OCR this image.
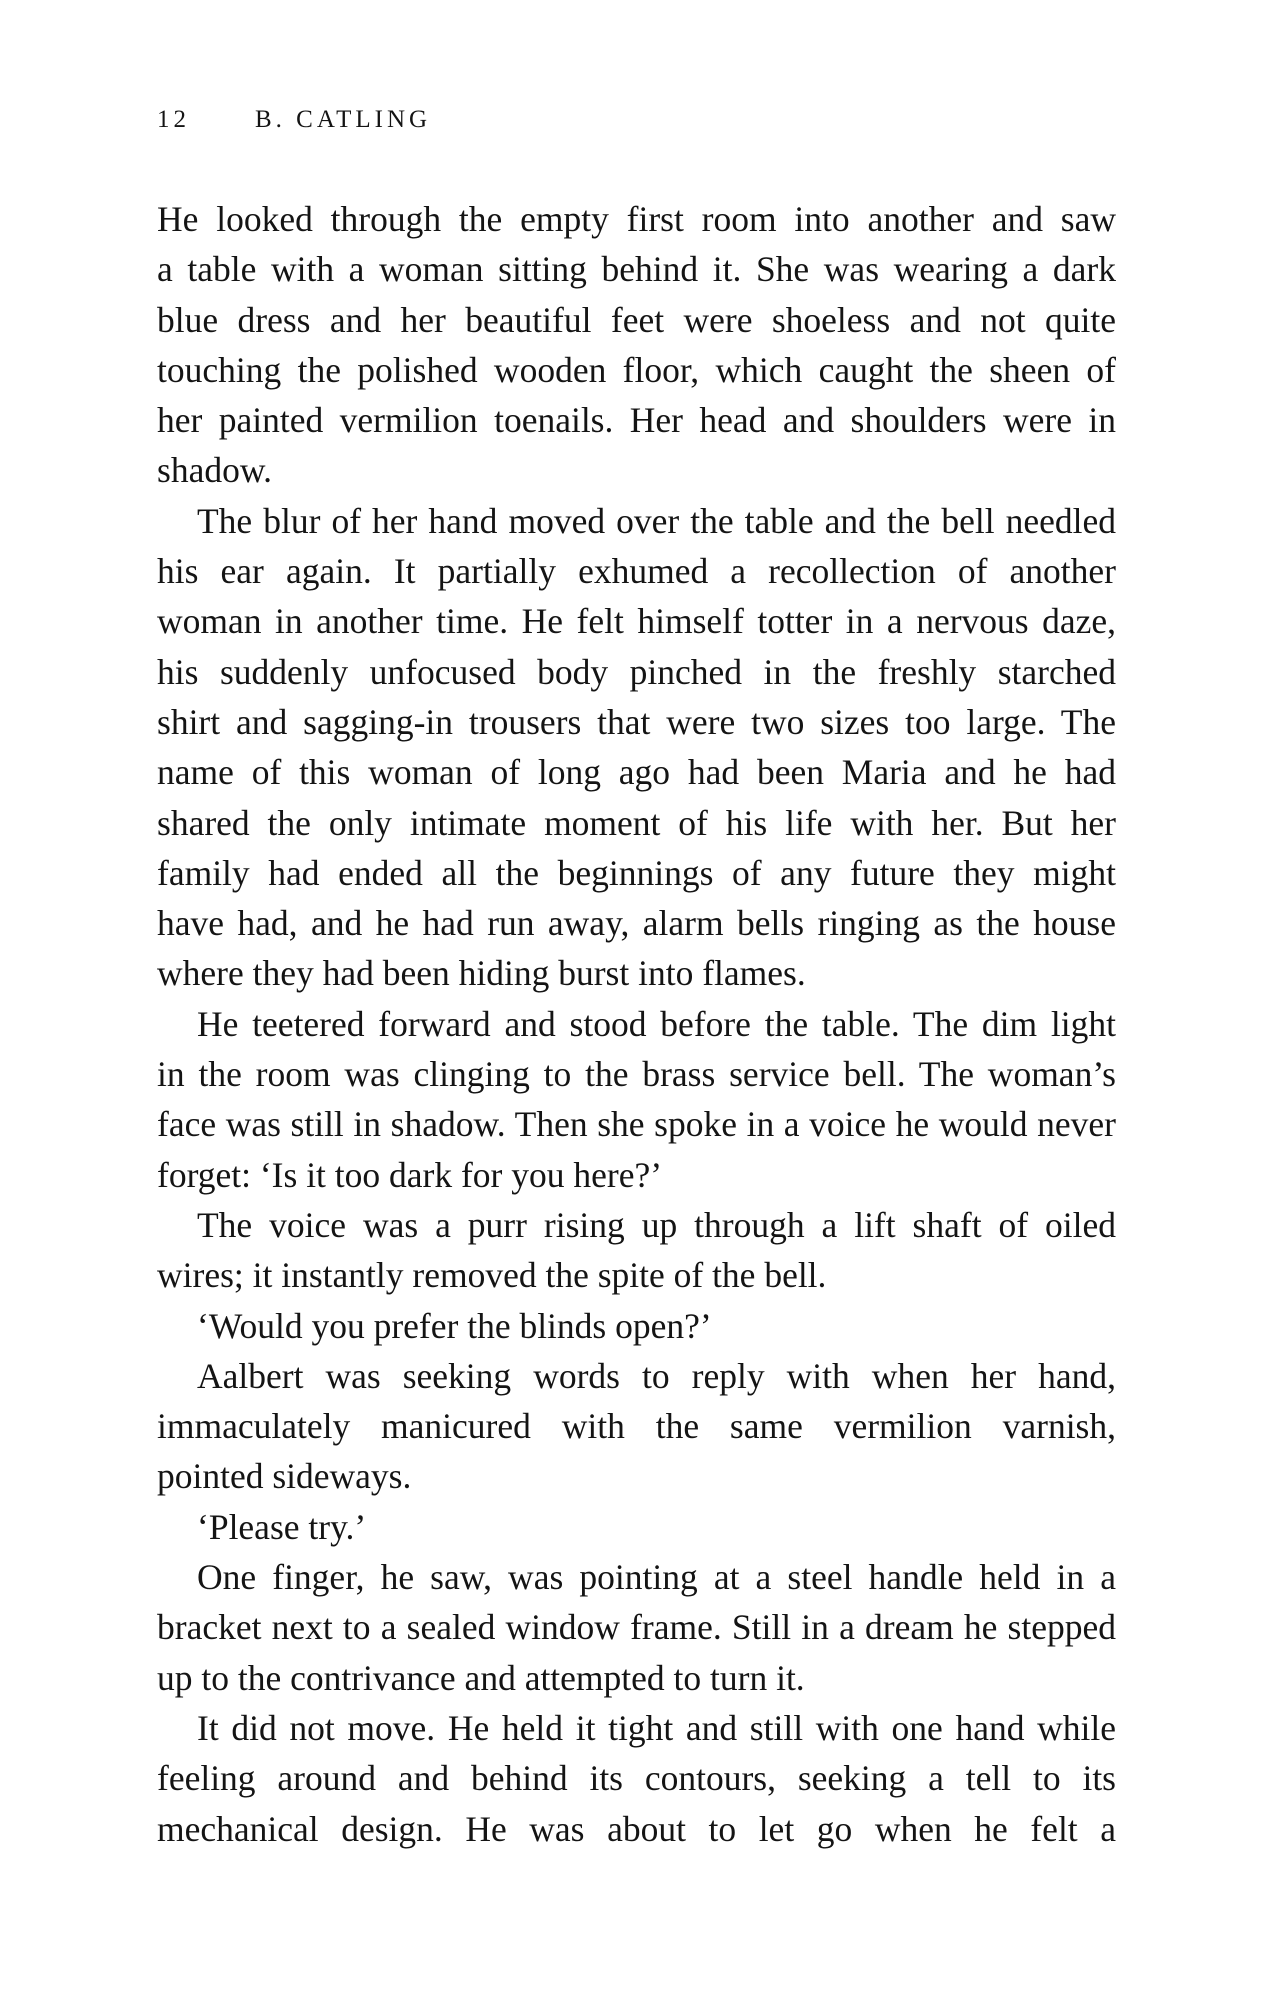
12	B. CATLING
He looked through the empty first room into another and saw
a table with a woman sitting behind it. She was wearing a dark
blue dress and her beautiful feet were shoeless and not quite
touching the polished wooden floor, which caught the sheen of
her painted vermilion toenails. Her head and shoulders were in
shadow.
The blur of her hand moved over the table and the bell needled
his ear again. It partially exhumed a recollection of another
woman in another time. He felt himself totter in a nervous daze,
his suddenly unfocused body pinched in the freshly starched
shirt and sagging-in trousers that were two sizes too large. The
name of this woman of long ago had been Maria and he had
shared the only intimate moment of his life with her. But her
family had ended all the beginnings of any future they might
have had, and he had run away, alarm bells ringing as the house
where they had been hiding burst into flames.
He teetered forward and stood before the table. The dim light
in the room was clinging to the brass service bell. The woman’s
face was still in shadow. Then she spoke in a voice he would never
forget: ‘Is it too dark for you here?’
The voice was a purr rising up through a lift shaft of oiled
wires; it instantly removed the spite of the bell.
‘Would you prefer the blinds open?’
Aalbert was seeking words to reply with when her hand,
immaculately manicured with the same vermilion varnish,
pointed sideways.
‘Please try.’
One finger, he saw, was pointing at a steel handle held in a
bracket next to a sealed window frame. Still in a dream he stepped
up to the contrivance and attempted to turn it.
It did not move. He held it tight and still with one hand while
feeling around and behind its contours, seeking a tell to its
mechanical design. He was about to let go when he felt a
